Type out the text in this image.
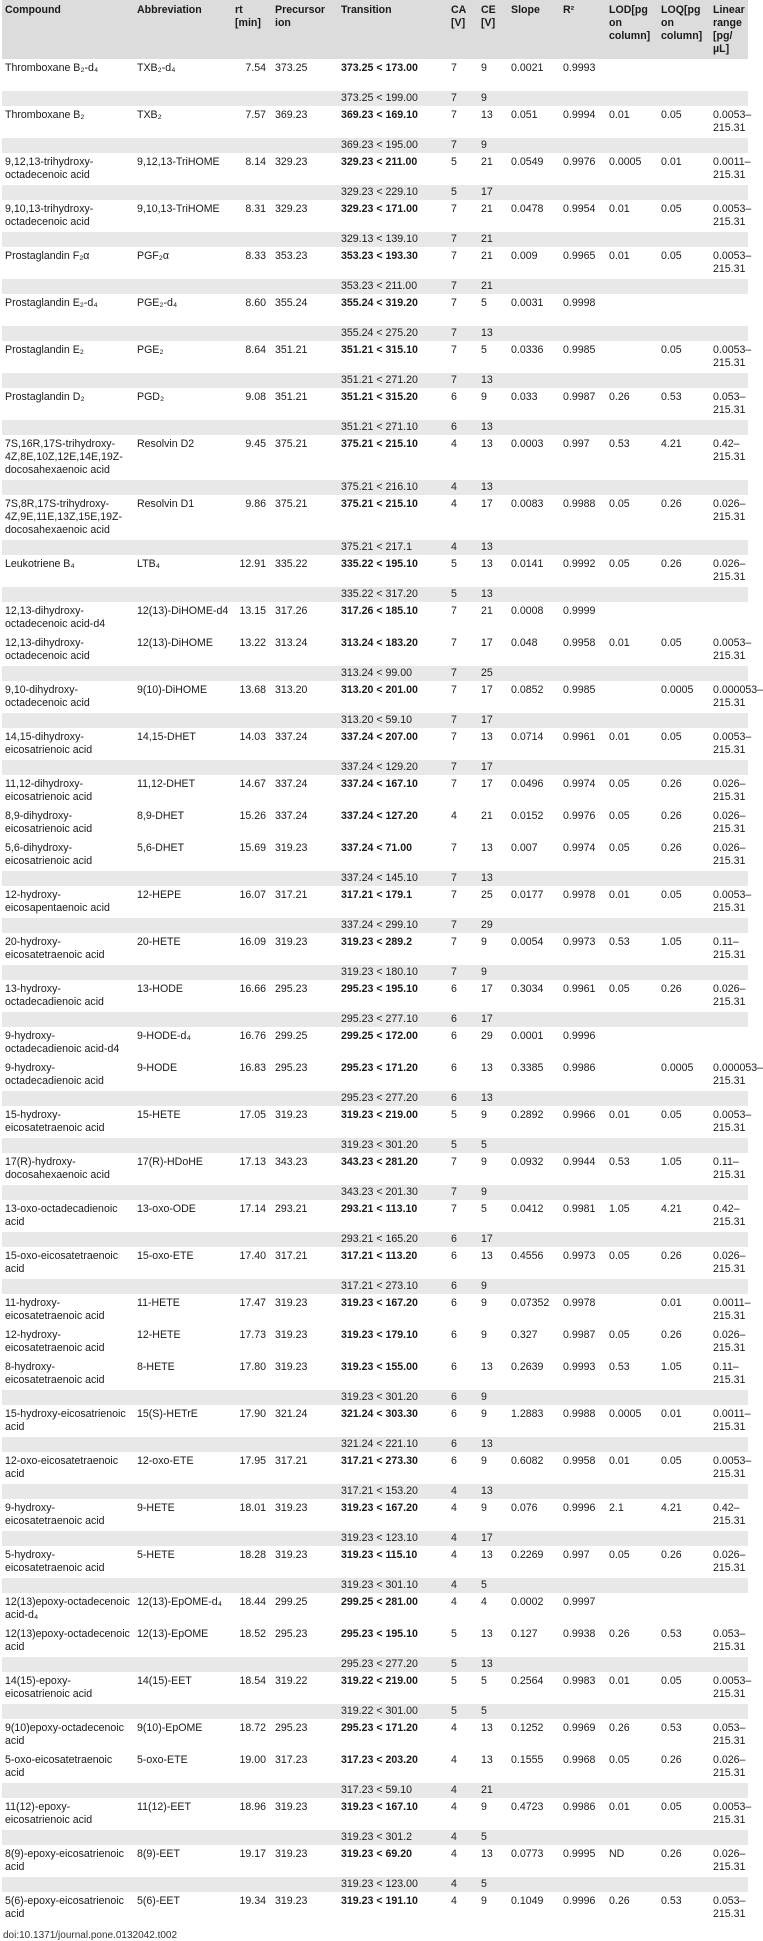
Compound	Abbreviation	rt [min]	Precursor ion	Transition	CA [V]	CE [V]	Slope	R²	LOD[pg on column]	LOQ[pg on column]	Linear range [pg/µL]
Thromboxane B₂-d₄	TXB₂-d₄	7.54	373.25	373.25 < 173.00	7	9	0.0021	0.9993			
				373.25 < 199.00	7	9					
Thromboxane B₂	TXB₂	7.57	369.23	369.23 < 169.10	7	13	0.051	0.9994	0.01	0.05	0.0053–215.31
				369.23 < 195.00	7	9					
9,12,13-trihydroxy-octadecenoic acid	9,12,13-TriHOME	8.14	329.23	329.23 < 211.00	5	21	0.0549	0.9976	0.0005	0.01	0.0011–215.31
				329.23 < 229.10	5	17					
9,10,13-trihydroxy-octadecenoic acid	9,10,13-TriHOME	8.31	329.23	329.23 < 171.00	7	21	0.0478	0.9954	0.01	0.05	0.0053–215.31
				329.13 < 139.10	7	21					
Prostaglandin F₂α	PGF₂α	8.33	353.23	353.23 < 193.30	7	21	0.009	0.9965	0.01	0.05	0.0053–215.31
				353.23 < 211.00	7	21					
Prostaglandin E₂-d₄	PGE₂-d₄	8.60	355.24	355.24 < 319.20	7	5	0.0031	0.9998			
				355.24 < 275.20	7	13					
Prostaglandin E₂	PGE₂	8.64	351.21	351.21 < 315.10	7	5	0.0336	0.9985		0.05	0.0053–215.31
				351.21 < 271.20	7	13					
Prostaglandin D₂	PGD₂	9.08	351.21	351.21 < 315.20	6	9	0.033	0.9987	0.26	0.53	0.053–215.31
				351.21 < 271.10	6	13					
7S,16R,17S-trihydroxy-4Z,8E,10Z,12E,14E,19Z-docosahexaenoic acid	Resolvin D2	9.45	375.21	375.21 < 215.10	4	13	0.0003	0.997	0.53	4.21	0.42–215.31
				375.21 < 216.10	4	13					
7S,8R,17S-trihydroxy-4Z,9E,11E,13Z,15E,19Z-docosahexaenoic acid	Resolvin D1	9.86	375.21	375.21 < 215.10	4	17	0.0083	0.9988	0.05	0.26	0.026–215.31
				375.21 < 217.1	4	13					
Leukotriene B₄	LTB₄	12.91	335.22	335.22 < 195.10	5	13	0.0141	0.9992	0.05	0.26	0.026–215.31
				335.22 < 317.20	5	13					
12,13-dihydroxy-octadecenoic acid-d4	12(13)-DiHOME-d4	13.15	317.26	317.26 < 185.10	7	21	0.0008	0.9999			
12,13-dihydroxy-octadecenoic acid	12(13)-DiHOME	13.22	313.24	313.24 < 183.20	7	17	0.048	0.9958	0.01	0.05	0.0053–215.31
				313.24 < 99.00	7	25					
9,10-dihydroxy-octadecenoic acid	9(10)-DiHOME	13.68	313.20	313.20 < 201.00	7	17	0.0852	0.9985		0.0005	0.000053–215.31
				313.20 < 59.10	7	17					
14,15-dihydroxy-eicosatrienoic acid	14,15-DHET	14.03	337.24	337.24 < 207.00	7	13	0.0714	0.9961	0.01	0.05	0.0053–215.31
				337.24 < 129.20	7	17					
11,12-dihydroxy-eicosatrienoic acid	11,12-DHET	14.67	337.24	337.24 < 167.10	7	17	0.0496	0.9974	0.05	0.26	0.026–215.31
8,9-dihydroxy-eicosatrienoic acid	8,9-DHET	15.26	337.24	337.24 < 127.20	4	21	0.0152	0.9976	0.05	0.26	0.026–215.31
5,6-dihydroxy-eicosatrienoic acid	5,6-DHET	15.69	319.23	337.24 < 71.00	7	13	0.007	0.9974	0.05	0.26	0.026–215.31
				337.24 < 145.10	7	13					
12-hydroxy-eicosapentaenoic acid	12-HEPE	16.07	317.21	317.21 < 179.1	7	25	0.0177	0.9978	0.01	0.05	0.0053–215.31
				337.24 < 299.10	7	29					
20-hydroxy-eicosatetraenoic acid	20-HETE	16.09	319.23	319.23 < 289.2	7	9	0.0054	0.9973	0.53	1.05	0.11–215.31
				319.23 < 180.10	7	9					
13-hydroxy-octadecadienoic acid	13-HODE	16.66	295.23	295.23 < 195.10	6	17	0.3034	0.9961	0.05	0.26	0.026–215.31
				295.23 < 277.10	6	17					
9-hydroxy-octadecadienoic acid-d4	9-HODE-d₄	16.76	299.25	299.25 < 172.00	6	29	0.0001	0.9996			
9-hydroxy-octadecadienoic acid	9-HODE	16.83	295.23	295.23 < 171.20	6	13	0.3385	0.9986		0.0005	0.000053–215.31
				295.23 < 277.20	6	13					
15-hydroxy-eicosatetraenoic acid	15-HETE	17.05	319.23	319.23 < 219.00	5	9	0.2892	0.9966	0.01	0.05	0.0053–215.31
				319.23 < 301.20	5	5					
17(R)-hydroxy-docosahexaenoic acid	17(R)-HDoHE	17.13	343.23	343.23 < 281.20	7	9	0.0932	0.9944	0.53	1.05	0.11–215.31
				343.23 < 201.30	7	9					
13-oxo-octadecadienoic acid	13-oxo-ODE	17.14	293.21	293.21 < 113.10	7	5	0.0412	0.9981	1.05	4.21	0.42–215.31
				293.21 < 165.20	6	17					
15-oxo-eicosatetraenoic acid	15-oxo-ETE	17.40	317.21	317.21 < 113.20	6	13	0.4556	0.9973	0.05	0.26	0.026–215.31
				317.21 < 273.10	6	9					
11-hydroxy-eicosatetraenoic acid	11-HETE	17.47	319.23	319.23 < 167.20	6	9	0.07352	0.9978		0.01	0.0011–215.31
12-hydroxy-eicosatetraenoic acid	12-HETE	17.73	319.23	319.23 < 179.10	6	9	0.327	0.9987	0.05	0.26	0.026–215.31
8-hydroxy-eicosatetraenoic acid	8-HETE	17.80	319.23	319.23 < 155.00	6	13	0.2639	0.9993	0.53	1.05	0.11–215.31
				319.23 < 301.20	6	9					
15-hydroxy-eicosatrienoic acid	15(S)-HETrE	17.90	321.24	321.24 < 303.30	6	9	1.2883	0.9988	0.0005	0.01	0.0011–215.31
				321.24 < 221.10	6	13					
12-oxo-eicosatetraenoic acid	12-oxo-ETE	17.95	317.21	317.21 < 273.30	6	9	0.6082	0.9958	0.01	0.05	0.0053–215.31
				317.21 < 153.20	4	13					
9-hydroxy-eicosatetraenoic acid	9-HETE	18.01	319.23	319.23 < 167.20	4	9	0.076	0.9996	2.1	4.21	0.42–215.31
				319.23 < 123.10	4	17					
5-hydroxy-eicosatetraenoic acid	5-HETE	18.28	319.23	319.23 < 115.10	4	13	0.2269	0.997	0.05	0.26	0.026–215.31
				319.23 < 301.10	4	5					
12(13)epoxy-octadecenoic acid-d₄	12(13)-EpOME-d₄	18.44	299.25	299.25 < 281.00	4	4	0.0002	0.9997			
12(13)epoxy-octadecenoic acid	12(13)-EpOME	18.52	295.23	295.23 < 195.10	5	13	0.127	0.9938	0.26	0.53	0.053–215.31
				295.23 < 277.20	5	13					
14(15)-epoxy-eicosatrienoic acid	14(15)-EET	18.54	319.22	319.22 < 219.00	5	5	0.2564	0.9983	0.01	0.05	0.0053–215.31
				319.22 < 301.00	5	5					
9(10)epoxy-octadecenoic acid	9(10)-EpOME	18.72	295.23	295.23 < 171.20	4	13	0.1252	0.9969	0.26	0.53	0.053–215.31
5-oxo-eicosatetraenoic acid	5-oxo-ETE	19.00	317.23	317.23 < 203.20	4	13	0.1555	0.9968	0.05	0.26	0.026–215.31
				317.23 < 59.10	4	21					
11(12)-epoxy-eicosatrienoic acid	11(12)-EET	18.96	319.23	319.23 < 167.10	4	9	0.4723	0.9986	0.01	0.05	0.0053–215.31
				319.23 < 301.2	4	5					
8(9)-epoxy-eicosatrienoic acid	8(9)-EET	19.17	319.23	319.23 < 69.20	4	13	0.0773	0.9995	ND	0.26	0.026–215.31
				319.23 < 123.00	4	5					
5(6)-epoxy-eicosatrienoic acid	5(6)-EET	19.34	319.23	319.23 < 191.10	4	9	0.1049	0.9996	0.26	0.53	0.053–215.31
doi:10.1371/journal.pone.0132042.t002
